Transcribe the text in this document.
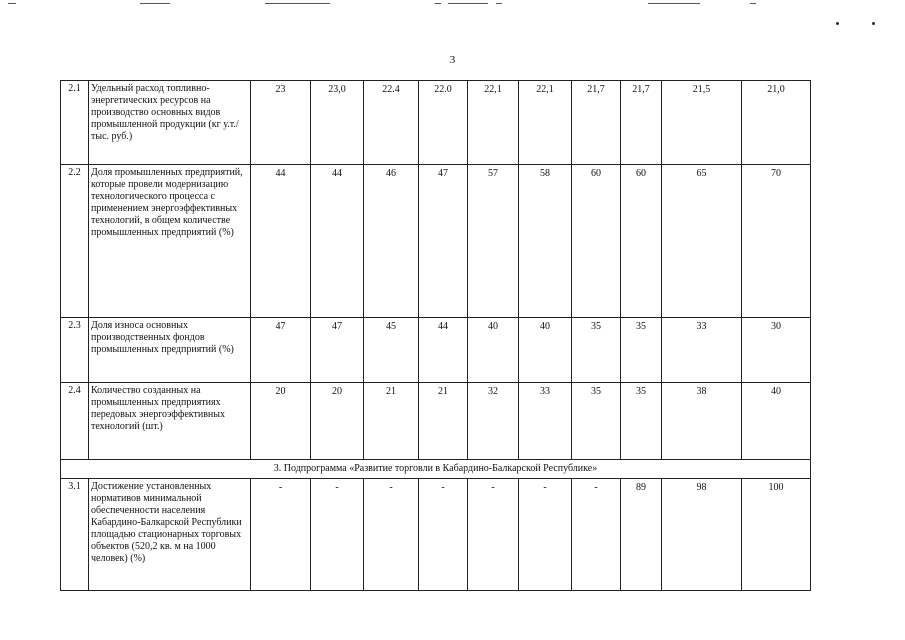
3
2.1	Удельный расход топливно-энергетических ресурсов на производство основных видов промышленной продукции (кг у.т./тыс. руб.)	23	23,0	22.4	22.0	22,1	22,1	21,7	21,7	21,5	21,0
2.2	Доля промышленных предприятий, которые провели модернизацию технологического процесса с применением энергоэффективных технологий, в общем количестве промышленных предприятий (%)	44	44	46	47	57	58	60	60	65	70
2.3	Доля износа основных производственных фондов промышленных предприятий (%)	47	47	45	44	40	40	35	35	33	30
2.4	Количество созданных на промышленных предприятиях передовых энергоэффективных технологий (шт.)	20	20	21	21	32	33	35	35	38	40
3. Подпрограмма «Развитие торговли в Кабардино-Балкарской Республике»											
3.1	Достижение установленных нормативов минимальной обеспеченности населения Кабардино-Балкарской Республики площадью стационарных торговых объектов (520,2 кв. м на 1000 человек) (%)	-	-	-	-	-	-	-	89	98	100
